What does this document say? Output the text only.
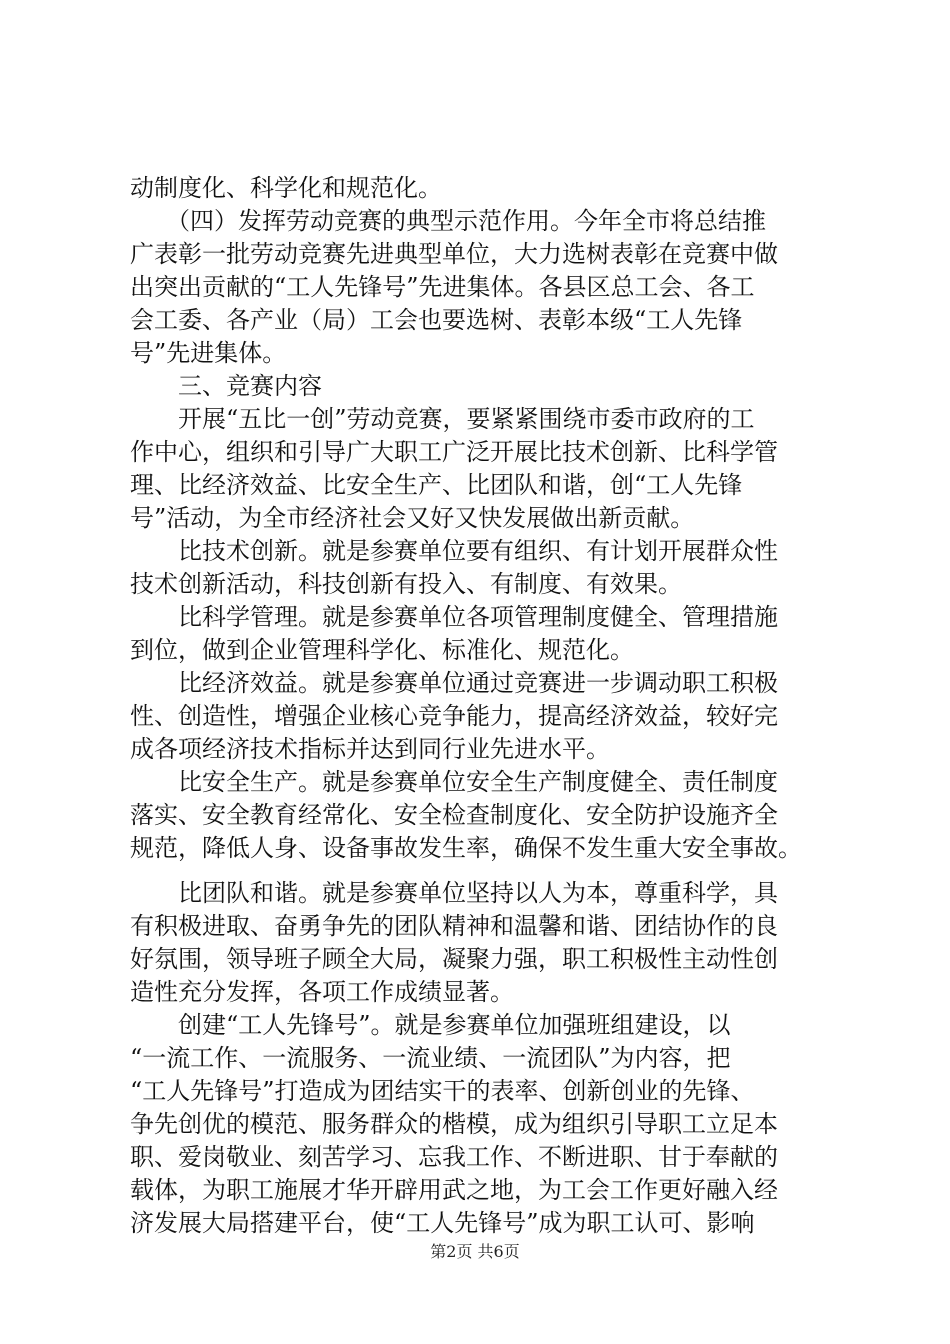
动制度化、科学化和规范化。
　　（四）发挥劳动竞赛的典型示范作用。今年全市将总结推
广表彰一批劳动竞赛先进典型单位，大力选树表彰在竞赛中做
出突出贡献的“工人先锋号”先进集体。各县区总工会、各工
会工委、各产业（局）工会也要选树、表彰本级“工人先锋
号”先进集体。
　　三、竞赛内容
　　开展“五比一创”劳动竞赛，要紧紧围绕市委市政府的工
作中心，组织和引导广大职工广泛开展比技术创新、比科学管
理、比经济效益、比安全生产、比团队和谐，创“工人先锋
号”活动，为全市经济社会又好又快发展做出新贡献。
　　比技术创新。就是参赛单位要有组织、有计划开展群众性
技术创新活动，科技创新有投入、有制度、有效果。
　　比科学管理。就是参赛单位各项管理制度健全、管理措施
到位，做到企业管理科学化、标准化、规范化。
　　比经济效益。就是参赛单位通过竞赛进一步调动职工积极
性、创造性，增强企业核心竞争能力，提高经济效益，较好完
成各项经济技术指标并达到同行业先进水平。
　　比安全生产。就是参赛单位安全生产制度健全、责任制度
落实、安全教育经常化、安全检查制度化、安全防护设施齐全
规范，降低人身、设备事故发生率，确保不发生重大安全事故。
　　比团队和谐。就是参赛单位坚持以人为本，尊重科学，具
有积极进取、奋勇争先的团队精神和温馨和谐、团结协作的良
好氛围，领导班子顾全大局，凝聚力强，职工积极性主动性创
造性充分发挥，各项工作成绩显著。
　　创建“工人先锋号”。就是参赛单位加强班组建设，以
“一流工作、一流服务、一流业绩、一流团队”为内容，把
“工人先锋号”打造成为团结实干的表率、创新创业的先锋、
争先创优的模范、服务群众的楷模，成为组织引导职工立足本
职、爱岗敬业、刻苦学习、忘我工作、不断进职、甘于奉献的
载体，为职工施展才华开辟用武之地，为工会工作更好融入经
济发展大局搭建平台，使“工人先锋号”成为职工认可、影响
第2页 共6页
